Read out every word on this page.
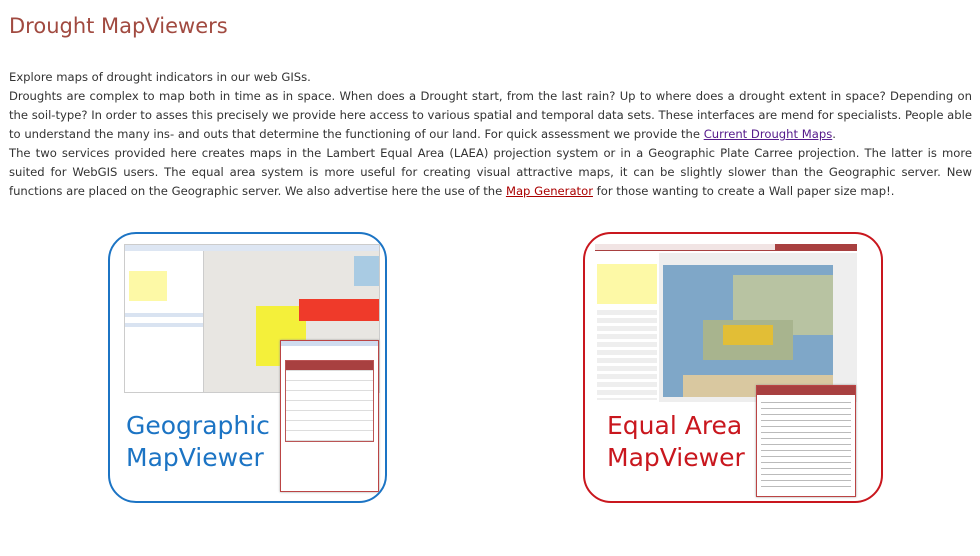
Drought MapViewers

Explore maps of drought indicators in our web GISs.

Droughts are complex to map both in time as in space. When does a Drought start, from the last rain? Up to where does a drought extent in space? Depending on the soil-type? In order to asses this precisely we provide here access to various spatial and temporal data sets. These interfaces are mend for specialists. People able to understand the many ins- and outs that determine the functioning of our land. For quick assessment we provide the Current Drought Maps.

The two services provided here creates maps in the Lambert Equal Area (LAEA) projection system or in a Geographic Plate Carree projection. The latter is more suited for WebGIS users. The equal area system is more useful for creating visual attractive maps, it can be slightly slower than the Geographic server. New functions are placed on the Geographic server. We also advertise here the use of the Map Generator for those wanting to create a Wall paper size map!.

Geographic
MapViewer
Equal Area
MapViewer
